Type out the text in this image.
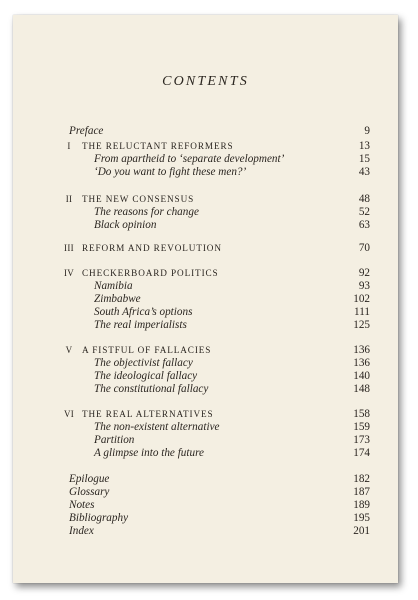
CONTENTS
Preface	9
I	THE RELUCTANT REFORMERS	13
From apartheid to ‘separate development’	15
‘Do you want to fight these men?’	43
II	THE NEW CONSENSUS	48
The reasons for change	52
Black opinion	63
III REFORM AND REVOLUTION	70
IV CHECKERBOARD POLITICS	92
Namibia	93
Zimbabwe	102
South Africa’s options	111
The real imperialists	125
V	A FISTFUL OF FALLACIES	136
The objectivist fallacy	136
The ideological fallacy	140
The constitutional fallacy	148
VI THE REAL ALTERNATIVES	158
The non-existent alternative	159
Partition	173
A glimpse into the future	174
Epilogue	182
Glossary	187
Notes	189
Bibliography	195
Index	201
